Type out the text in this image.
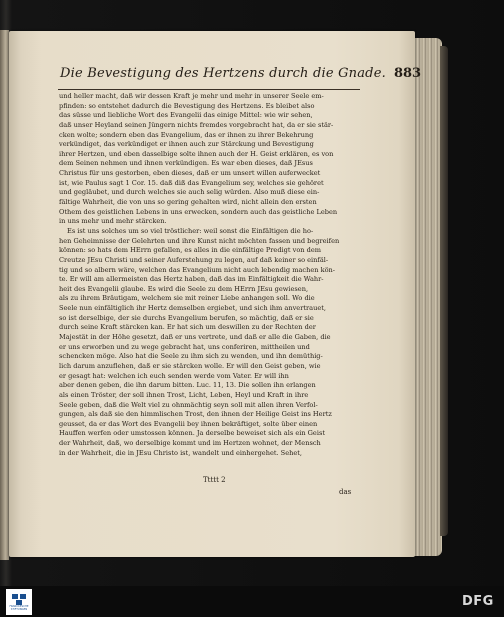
Die Bevestigung des Hertzens durch die Gnade. 883
und heller macht, daß wir dessen Kraft je mehr und mehr in unserer Seele em-
pfinden: so entstehet dadurch die Bevestigung des Hertzens. Es bleibet also
das süsse und liebliche Wort des Evangelii das einige Mittel: wie wir sehen,
daß unser Heyland seinen Jüngern nichts fremdes vorgebracht hat, da er sie stär-
cken wolte; sondern eben das Evangelium, das er ihnen zu ihrer Bekehrung
verkündiget, das verkündiget er ihnen auch zur Stärckung und Bevestigung
ihrer Hertzen, und eben dasselbige solte ihnen auch der H. Geist erklären, es von
dem Seinen nehmen und ihnen verkündigen. Es war eben dieses, daß JEsus
Christus für uns gestorben, eben dieses, daß er um unsert willen auferwecket
ist, wie Paulus sagt 1 Cor. 15. daß diß das Evangelium sey, welches sie gehöret
und gegläubet, und durch welches sie auch selig würden. Also muß diese ein-
fältige Wahrheit, die von uns so gering gehalten wird, nicht allein den ersten
Othem des geistlichen Lebens in uns erwecken, sondern auch das geistliche Leben
in uns mehr und mehr stärcken.
Es ist uns solches um so viel tröstlicher: weil sonst die Einfältigen die ho-
hen Geheimnisse der Gelehrten und ihre Kunst nicht möchten fassen und begreifen
können: so hats dem HErrn gefallen, es alles in die einfältige Predigt von dem
Creutze JEsu Christi und seiner Auferstehung zu legen, auf daß keiner so einfäl-
tig und so albern wäre, welchen das Evangelium nicht auch lebendig machen kön-
te. Er will am allermeisten das Hertz haben, daß das im Einfältigkeit die Wahr-
heit des Evangelii glaube. Es wird die Seele zu dem HErrn JEsu gewiesen,
als zu ihrem Bräutigam, welchem sie mit reiner Liebe anhangen soll. Wo die
Seele nun einfältiglich ihr Hertz demselben ergiebet, und sich ihm anvertrauet,
so ist derselbige, der sie durchs Evangelium berufen, so mächtig, daß er sie
durch seine Kraft stärcken kan. Er hat sich um deswillen zu der Rechten der
Majestät in der Höhe gesetzt, daß er uns vertrete, und daß er alle die Gaben, die
er uns erworben und zu wege gebracht hat, uns conferiren, mittheilen und
schencken möge. Also hat die Seele zu ihm sich zu wenden, und ihn demüthig-
lich darum anzuflehen, daß er sie stärcken wolle. Er will den Geist geben, wie
er gesagt hat: welchen ich euch senden werde vom Vater. Er will ihn
aber denen geben, die ihn darum bitten. Luc. 11, 13. Die sollen ihn erlangen
als einen Tröster, der soll ihnen Trost, Licht, Leben, Heyl und Kraft in ihre
Seele geben, daß die Welt viel zu ohnmächtig seyn soll mit allen ihren Verfol-
gungen, als daß sie den himmlischen Trost, den ihnen der Heilige Geist ins Hertz
geusset, da er das Wort des Evangelii bey ihnen bekräftiget, solte über einen
Hauffen werfen oder umstossen können. Ja derselbe beweiset sich als ein Geist
der Wahrheit, daß, wo derselbige kommt und im Hertzen wohnet, der Mensch
in der Wahrheit, die in JEsu Christo ist, wandelt und einhergehet. Sehet,
Ttttt 2
das
FRANCKESCHE
STIFTUNGEN	DFG
